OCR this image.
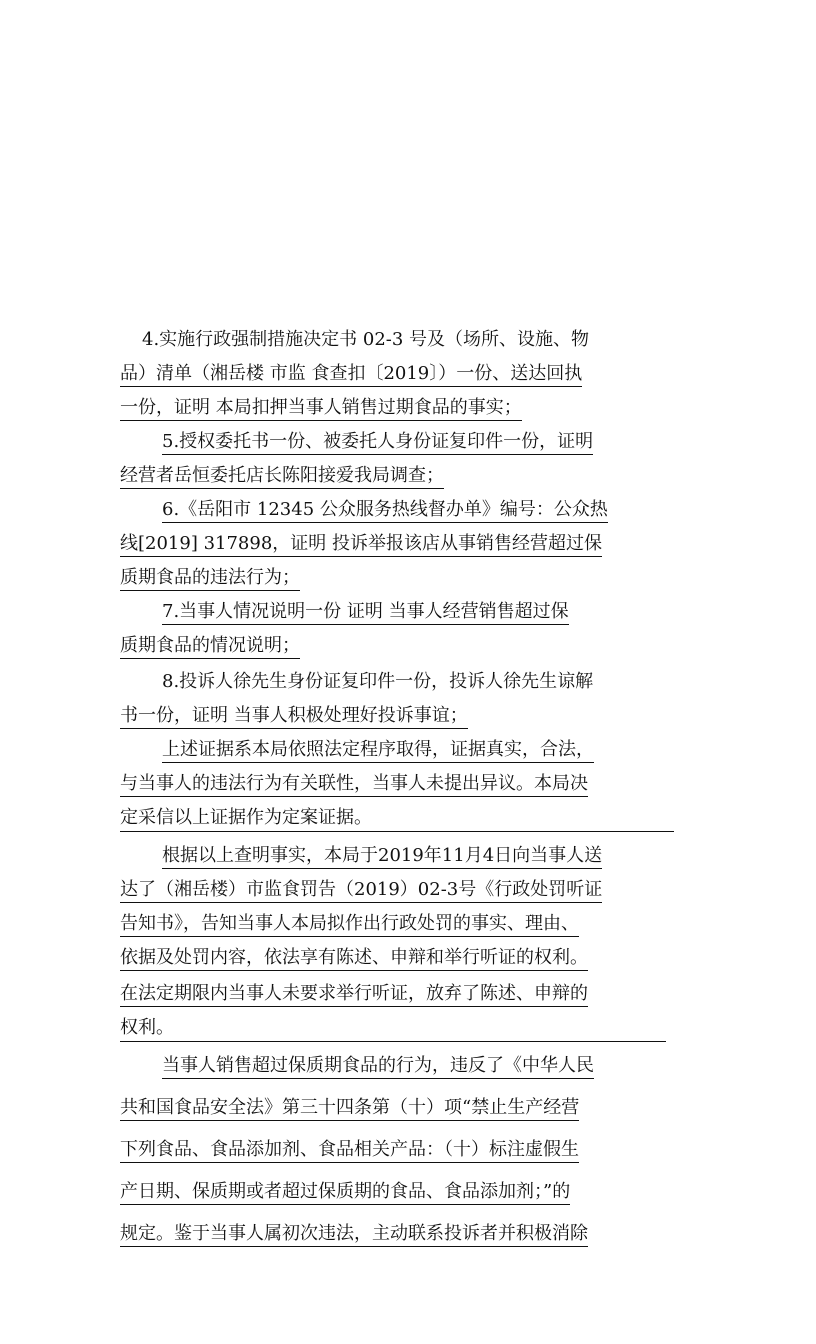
4.实施行政强制措施决定书 02-3 号及（场所、设施、物
品）清单（湘岳楼 市监 食查扣〔2019〕）一份、送达回执
一份，证明 本局扣押当事人销售过期食品的事实；
5.授权委托书一份、被委托人身份证复印件一份，证明
经营者岳恒委托店长陈阳接爱我局调查；
6.《岳阳市 12345 公众服务热线督办单》编号：公众热
线[2019] 317898，证明 投诉举报该店从事销售经营超过保
质期食品的违法行为；
7.当事人情况说明一份 证明 当事人经营销售超过保
质期食品的情况说明；
8.投诉人徐先生身份证复印件一份，投诉人徐先生谅解
书一份，证明 当事人积极处理好投诉事谊；
上述证据系本局依照法定程序取得，证据真实，合法，
与当事人的违法行为有关联性，当事人未提出异议。本局决
定采信以上证据作为定案证据。
根据以上查明事实，本局于2019年11月4日向当事人送
达了（湘岳楼）市监食罚告（2019）02-3号《行政处罚听证
告知书》，告知当事人本局拟作出行政处罚的事实、理由、
依据及处罚内容，依法享有陈述、申辩和举行听证的权利。
在法定期限内当事人未要求举行听证，放弃了陈述、申辩的
权利。
当事人销售超过保质期食品的行为，违反了《中华人民
共和国食品安全法》第三十四条第（十）项“禁止生产经营
下列食品、食品添加剂、食品相关产品：（十）标注虚假生
产日期、保质期或者超过保质期的食品、食品添加剂；”的
规定。鉴于当事人属初次违法，主动联系投诉者并积极消除
